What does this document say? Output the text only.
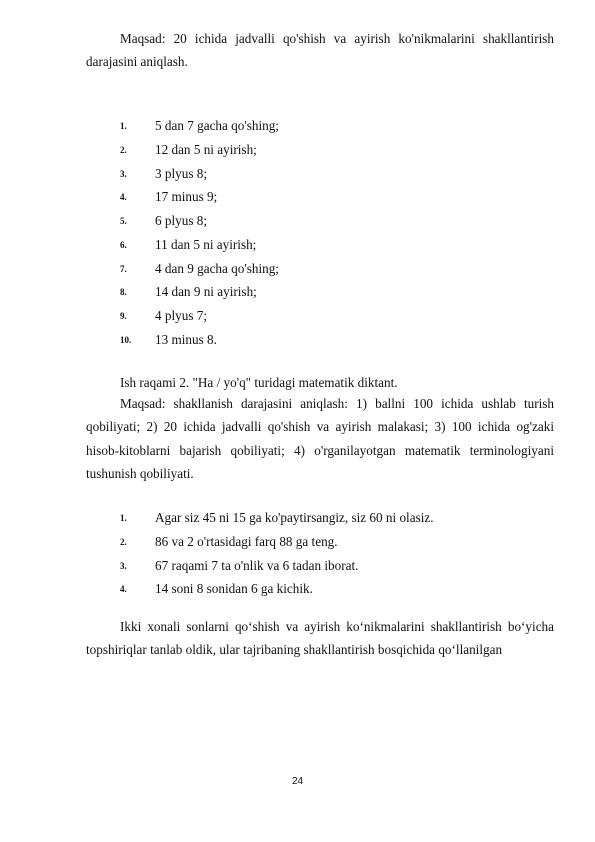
Maqsad: 20 ichida jadvalli qo'shish va ayirish ko'nikmalarini shakllantirish darajasini aniqlash.

1. 5 dan 7 gacha qo'shing;
2. 12 dan 5 ni ayirish;
3. 3 plyus 8;
4. 17 minus 9;
5. 6 plyus 8;
6. 11 dan 5 ni ayirish;
7. 4 dan 9 gacha qo'shing;
8. 14 dan 9 ni ayirish;
9. 4 plyus 7;
10. 13 minus 8.

Ish raqami 2. "Ha / yo'q" turidagi matematik diktant.

Maqsad: shakllanish darajasini aniqlash: 1) ballni 100 ichida ushlab turish qobiliyati; 2) 20 ichida jadvalli qo'shish va ayirish malakasi; 3) 100 ichida og'zaki hisob-kitoblarni bajarish qobiliyati; 4) o'rganilayotgan matematik terminologiyani tushunish qobiliyati.

1. Agar siz 45 ni 15 ga ko'paytirsangiz, siz 60 ni olasiz.
2. 86 va 2 o'rtasidagi farq 88 ga teng.
3. 67 raqami 7 ta o'nlik va 6 tadan iborat.
4. 14 soni 8 sonidan 6 ga kichik.

Ikki xonali sonlarni qo‘shish va ayirish ko‘nikmalarini shakllantirish bo‘yicha topshiriqlar tanlab oldik, ular tajribaning shakllantirish bosqichida qo‘llanilgan

24
